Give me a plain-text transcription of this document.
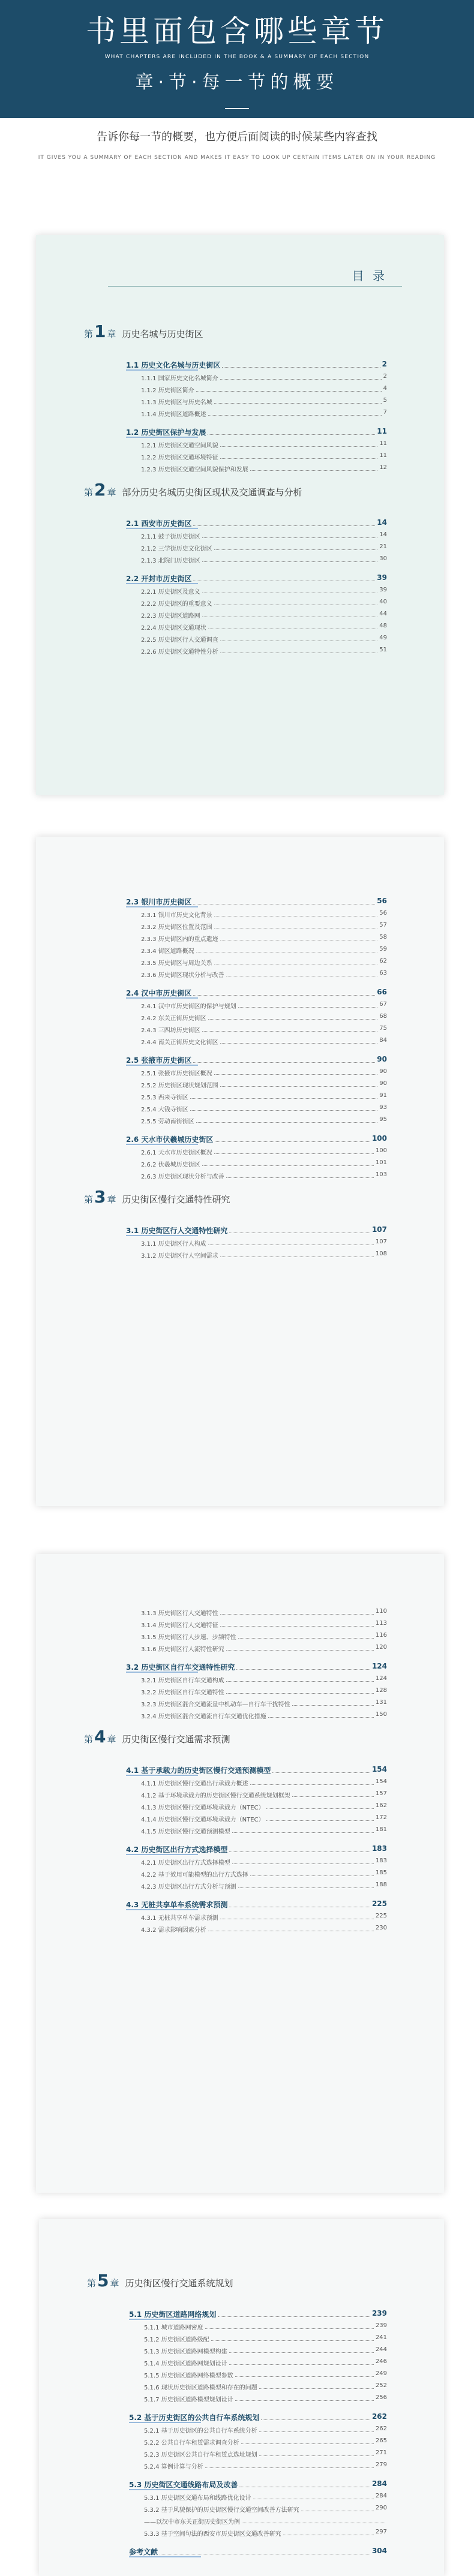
书里面包含哪些章节
WHAT CHAPTERS ARE INCLUDED IN THE BOOK & A SUMMARY OF EACH SECTION
章·节·每一节的概要
告诉你每一节的概要，也方便后面阅读的时候某些内容查找
IT GIVES YOU A SUMMARY OF EACH SECTION AND MAKES IT EASY TO LOOK UP CERTAIN ITEMS LATER ON IN YOUR READING
目 录
第1 章 历史名城与历史街区
1.1 历史文化名城与历史街区	2
1.1.1 国家历史文化名城简介	2
1.1.2 历史街区简介	4
1.1.3 历史街区与历史名城	5
1.1.4 历史街区道路概述	7
1.2 历史街区保护与发展	11
1.2.1 历史街区交通空间风貌	11
1.2.2 历史街区交通环境特征	11
1.2.3 历史街区交通空间风貌保护和发展	12
第2 章 部分历史名城历史街区现状及交通调查与分析
2.1 西安市历史街区	14
2.1.1 鼓子街历史街区	14
2.1.2 三学街历史文化街区	21
2.1.3 北院门历史街区	30
2.2 开封市历史街区	39
2.2.1 历史街区及意义	39
2.2.2 历史街区的重要意义	40
2.2.3 历史街区道路网	44
2.2.4 历史街区交通现状	48
2.2.5 历史街区行人交通调查	49
2.2.6 历史街区交通特性分析	51
2.3 银川市历史街区	56
2.3.1 银川市历史文化背景	56
2.3.2 历史街区位置及范围	57
2.3.3 历史街区内的重点遗迹	58
2.3.4 街区道路概况	59
2.3.5 历史街区与周边关系	62
2.3.6 历史街区现状分析与改善	63
2.4 汉中市历史街区	66
2.4.1 汉中市历史街区的保护与规划	67
2.4.2 东关正街历史街区	68
2.4.3 三四坊历史街区	75
2.4.4 南关正街历史文化街区	84
2.5 张掖市历史街区	90
2.5.1 张掖市历史街区概况	90
2.5.2 历史街区现状规划范围	90
2.5.3 西来寺街区	91
2.5.4 大钱寺街区	93
2.5.5 劳动南街街区	95
2.6 天水市伏羲城历史街区	100
2.6.1 天水市历史街区概况	100
2.6.2 伏羲城历史街区	101
2.6.3 历史街区现状分析与改善	103
第3 章 历史街区慢行交通特性研究
3.1 历史街区行人交通特性研究	107
3.1.1 历史街区行人构成	107
3.1.2 历史街区行人空间需求	108
3.1.3 历史街区行人交通特性	110
3.1.4 历史街区行人交通特征	113
3.1.5 历史街区行人步速、步频特性	116
3.1.6 历史街区行人流特性研究	120
3.2 历史街区自行车交通特性研究	124
3.2.1 历史街区自行车交通构成	124
3.2.2 历史街区自行车交通特性	128
3.2.3 历史街区混合交通流量中机动车—自行车干扰特性	131
3.2.4 历史街区混合交通流自行车交通优化措施	150
第4 章 历史街区慢行交通需求预测
4.1 基于承载力的历史街区慢行交通预测模型	154
4.1.1 历史街区慢行交通出行承载力概述	154
4.1.2 基于环境承载力的历史街区慢行交通系统规划框架	157
4.1.3 历史街区慢行交通环境承载力（NTEC）	162
4.1.4 历史街区慢行交通环境承载力（NTEC）	172
4.1.5 历史街区慢行交通预测模型	181
4.2 历史街区出行方式选择模型	183
4.2.1 历史街区出行方式选择模型	183
4.2.2 基于效用可能模型的出行方式选择	185
4.2.3 历史街区出行方式分析与预测	188
4.3 无桩共享单车系统需求预测	225
4.3.1 无桩共享单车需求预测	225
4.3.2 需求影响因素分析	230
第5 章 历史街区慢行交通系统规划
5.1 历史街区道路网络规划	239
5.1.1 城市道路网密度	239
5.1.2 历史街区道路级配	241
5.1.3 历史街区道路网模型构建	244
5.1.4 历史街区道路网规划设计	246
5.1.5 历史街区道路网络模型参数	249
5.1.6 现状历史街区道路模型和存在的问题	252
5.1.7 历史街区道路模型规划设计	256
5.2 基于历史街区的公共自行车系统规划	262
5.2.1 基于历史街区的公共自行车系统分析	262
5.2.2 公共自行车租赁需求调查分析	265
5.2.3 历史街区公共自行车租赁点选址规划	271
5.2.4 算例计算与分析	279
5.3 历史街区交通线路布局及改善	284
5.3.1 历史街区交通布局和线路优化设计	284
5.3.2 基于风貌保护的历史街区慢行交通空间改善方法研究	290
——以汉中市东关正街历史街区为例
5.3.3 基于空间句法的西安市历史街区交通改善研究	297
参考文献	304
